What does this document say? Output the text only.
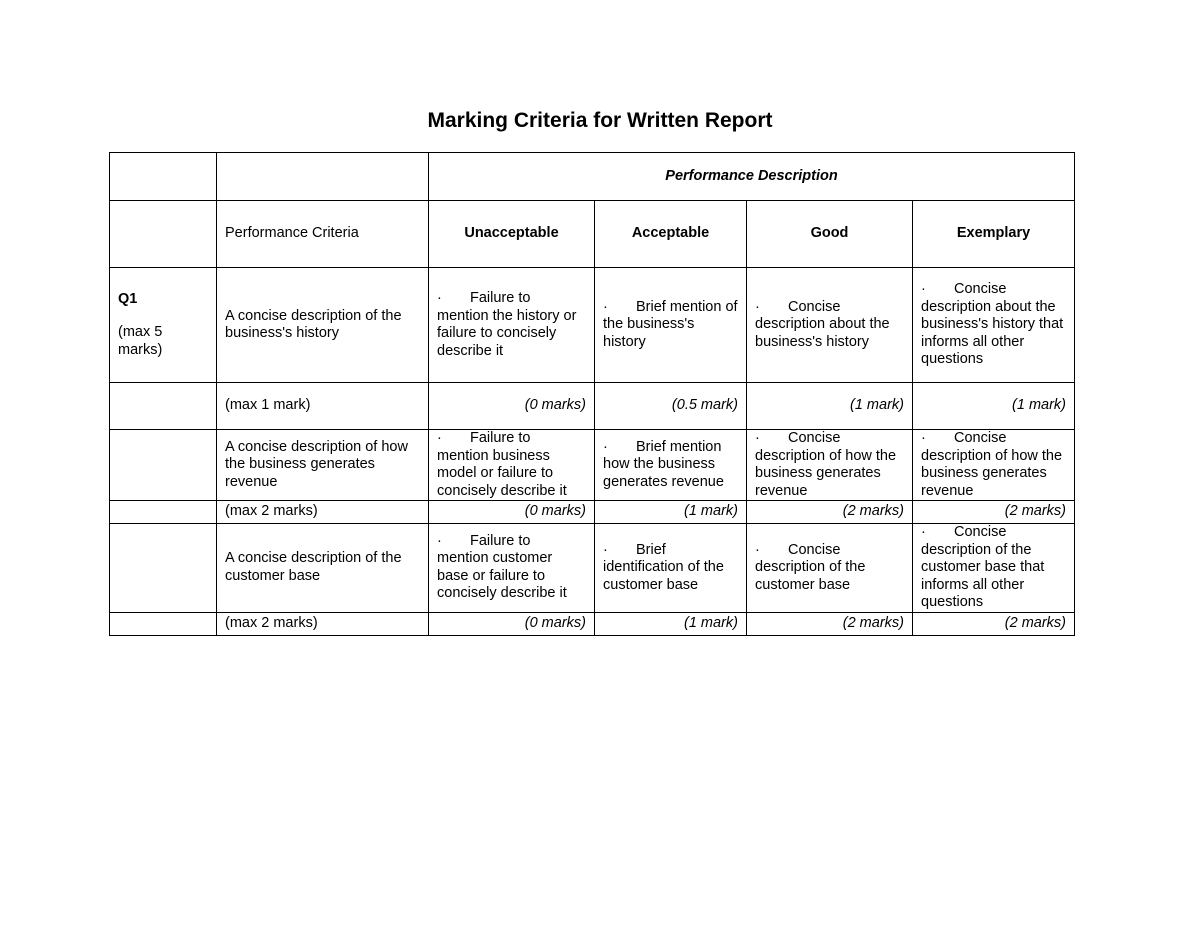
Marking Criteria for Written Report
		Performance Description			
	Performance Criteria	Unacceptable	Acceptable	Good	Exemplary

Q1
(max 5 marks)	A concise description of the business's history	· Failure to mention the history or failure to concisely describe it	· Brief mention of the business's history	· Concise description about the business's history	· Concise description about the business's history that informs all other questions
	(max 1 mark)	(0 marks)	(0.5 mark)	(1 mark)	(1 mark)
	A concise description of how the business generates revenue	· Failure to mention business model or failure to concisely describe it	· Brief mention how the business generates revenue	· Concise description of how the business generates revenue	· Concise description of how the business generates revenue
	(max 2 marks)	(0 marks)	(1 mark)	(2 marks)	(2 marks)
	A concise description of the customer base	· Failure to mention customer base or failure to concisely describe it	· Brief identification of the customer base	· Concise description of the customer base	· Concise description of the customer base that informs all other questions
	(max 2 marks)	(0 marks)	(1 mark)	(2 marks)	(2 marks)
